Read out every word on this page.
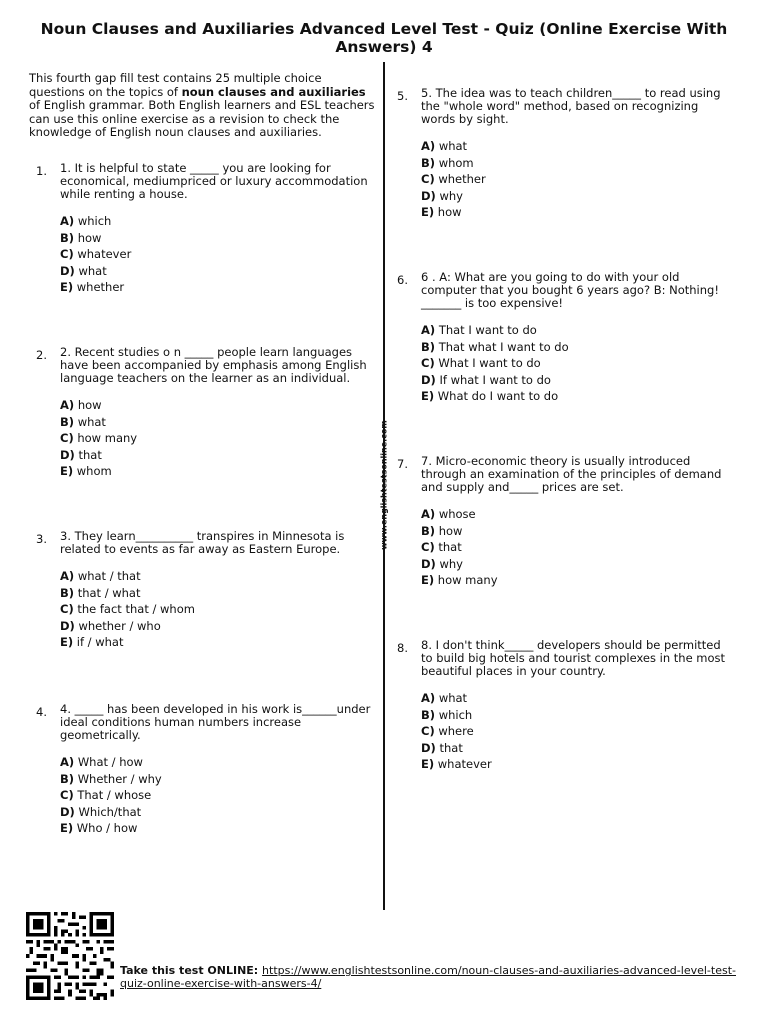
Noun Clauses and Auxiliaries Advanced Level Test - Quiz (Online Exercise With Answers) 4
www.englishtestsonline.com
This fourth gap fill test contains 25 multiple choice questions on the topics of noun clauses and auxiliaries of English grammar. Both English learners and ESL teachers can use this online exercise as a revision to check the knowledge of English noun clauses and auxiliaries.
1. 1. It is helpful to state _____ you are looking for economical, mediumpriced or luxury accommodation while renting a house.
A) which
B) how
C) whatever
D) what
E) whether
2. 2. Recent studies o n _____ people learn languages have been accompanied by emphasis among English language teachers on the learner as an individual.
A) how
B) what
C) how many
D) that
E) whom
3. 3. They learn__________ transpires in Minnesota is related to events as far away as Eastern Europe.
A) what / that
B) that / what
C) the fact that / whom
D) whether / who
E) if / what
4. 4. _____ has been developed in his work is______under ideal conditions human numbers increase geometrically.
A) What / how
B) Whether / why
C) That / whose
D) Which/that
E) Who / how
5. 5. The idea was to teach children_____ to read using the "whole word" method, based on recognizing words by sight.
A) what
B) whom
C) whether
D) why
E) how
6. 6 . A: What are you going to do with your old computer that you bought 6 years ago? B: Nothing! _______ is too expensive!
A) That I want to do
B) That what I want to do
C) What I want to do
D) If what I want to do
E) What do I want to do
7. 7. Micro-economic theory is usually introduced through an examination of the principles of demand and supply and_____ prices are set.
A) whose
B) how
C) that
D) why
E) how many
8. 8. I don't think_____ developers should be permitted to build big hotels and tourist complexes in the most beautiful places in your country.
A) what
B) which
C) where
D) that
E) whatever
Take this test ONLINE: https://www.englishtestsonline.com/noun-clauses-and-auxiliaries-advanced-level-test-quiz-online-exercise-with-answers-4/
